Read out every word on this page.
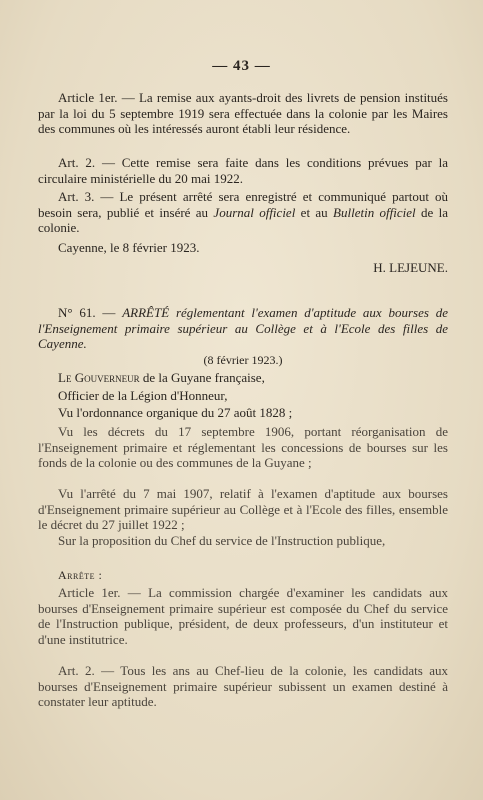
— 43 —
Article 1er. — La remise aux ayants-droit des livrets de pension institués par la loi du 5 septembre 1919 sera effectuée dans la colonie par les Maires des communes où les intéressés auront établi leur résidence.
Art. 2. — Cette remise sera faite dans les conditions prévues par la circulaire ministérielle du 20 mai 1922.
Art. 3. — Le présent arrêté sera enregistré et communiqué partout où besoin sera, publié et inséré au Journal officiel et au Bulletin officiel de la colonie.
Cayenne, le 8 février 1923.
H. LEJEUNE.
N° 61. — ARRÊTÉ réglementant l'examen d'aptitude aux bourses de l'Enseignement primaire supérieur au Collège et à l'Ecole des filles de Cayenne.
(8 février 1923.)
Le Gouverneur de la Guyane française,
Officier de la Légion d'Honneur,
Vu l'ordonnance organique du 27 août 1828 ;
Vu les décrets du 17 septembre 1906, portant réorganisation de l'Enseignement primaire et réglementant les concessions de bourses sur les fonds de la colonie ou des communes de la Guyane ;
Vu l'arrêté du 7 mai 1907, relatif à l'examen d'aptitude aux bourses d'Enseignement primaire supérieur au Collège et à l'Ecole des filles, ensemble le décret du 27 juillet 1922 ;
Sur la proposition du Chef du service de l'Instruction publique,
Arrête :
Article 1er. — La commission chargée d'examiner les candidats aux bourses d'Enseignement primaire supérieur est composée du Chef du service de l'Instruction publique, président, de deux professeurs, d'un instituteur et d'une institutrice.
Art. 2. — Tous les ans au Chef-lieu de la colonie, les candidats aux bourses d'Enseignement primaire supérieur subissent un examen destiné à constater leur aptitude.
